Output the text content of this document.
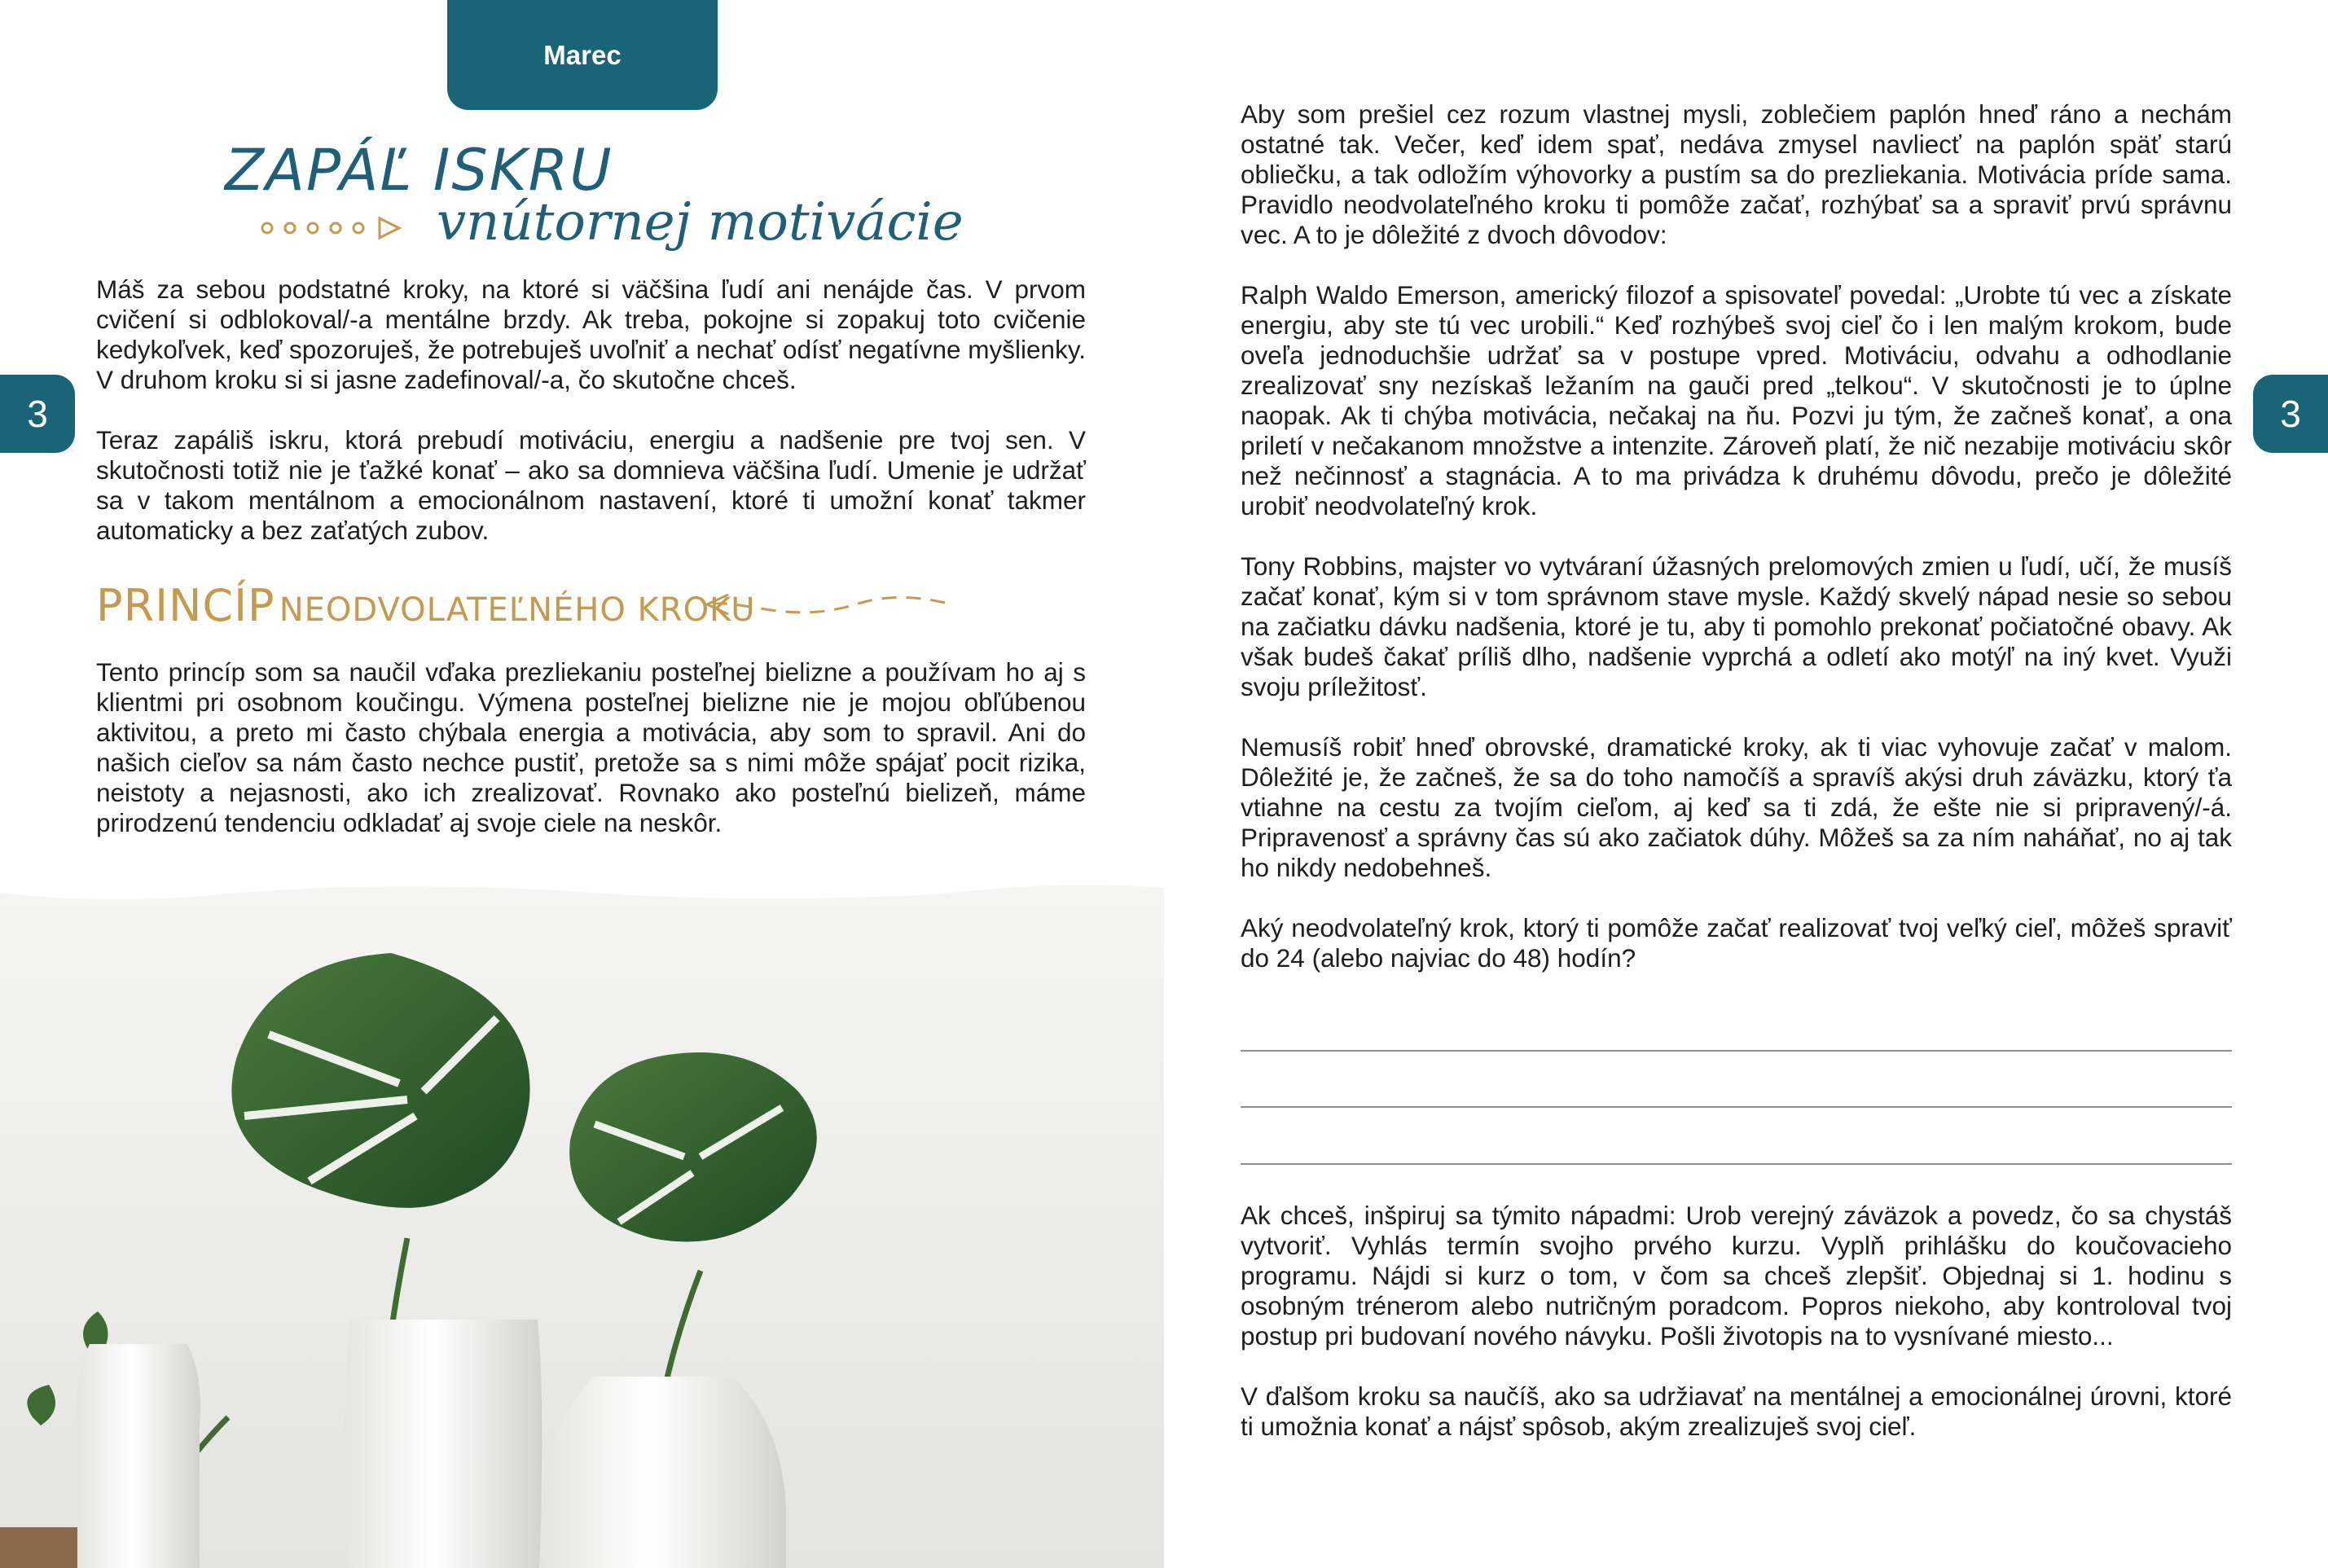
Marec
3
ZAPÁĽ ISKRU
vnútornej motivácie

Máš za sebou podstatné kroky, na ktoré si väčšina ľudí ani nenájde čas. V prvom cvičení si odblokoval/-a mentálne brzdy. Ak treba, pokojne si zopakuj toto cvičenie kedykoľvek, keď spozoruješ, že potrebuješ uvoľniť a nechať odísť negatívne myšlienky. V druhom kroku si si jasne zadefinoval/-a, čo skutočne chceš.

Teraz zapáliš iskru, ktorá prebudí motiváciu, energiu a nadšenie pre tvoj sen. V skutočnosti totiž nie je ťažké konať – ako sa domnieva väčšina ľudí. Umenie je udržať sa v takom mentálnom a emocionálnom nastavení, ktoré ti umožní konať takmer automaticky a bez zaťatých zubov.

PRINCÍP NEODVOLATEĽNÉHO KROKU

Tento princíp som sa naučil vďaka prezliekaniu posteľnej bielizne a používam ho aj s klientmi pri osobnom koučingu. Výmena posteľnej bielizne nie je mojou obľúbenou aktivitou, a preto mi často chýbala energia a motivácia, aby som to spravil. Ani do našich cieľov sa nám často nechce pustiť, pretože sa s nimi môže spájať pocit rizika, neistoty a nejasnosti, ako ich zrealizovať. Rovnako ako posteľnú bielizeň, máme prirodzenú tendenciu odkladať aj svoje ciele na neskôr.

3

Aby som prešiel cez rozum vlastnej mysli, zoblečiem paplón hneď ráno a nechám ostatné tak. Večer, keď idem spať, nedáva zmysel navliecť na paplón späť starú obliečku, a tak odložím výhovorky a pustím sa do prezliekania. Motivácia príde sama. Pravidlo neodvolateľného kroku ti pomôže začať, rozhýbať sa a spraviť prvú správnu vec. A to je dôležité z dvoch dôvodov:

Ralph Waldo Emerson, americký filozof a spisovateľ povedal: „Urobte tú vec a získate energiu, aby ste tú vec urobili.“ Keď rozhýbeš svoj cieľ čo i len malým krokom, bude oveľa jednoduchšie udržať sa v postupe vpred. Motiváciu, odvahu a odhodlanie zrealizovať sny nezískaš ležaním na gauči pred „telkou“. V skutočnosti je to úplne naopak. Ak ti chýba motivácia, nečakaj na ňu. Pozvi ju tým, že začneš konať, a ona priletí v nečakanom množstve a intenzite. Zároveň platí, že nič nezabije motiváciu skôr než nečinnosť a stagnácia. A to ma privádza k druhému dôvodu, prečo je dôležité urobiť neodvolateľný krok.

Tony Robbins, majster vo vytváraní úžasných prelomových zmien u ľudí, učí, že musíš začať konať, kým si v tom správnom stave mysle. Každý skvelý nápad nesie so sebou na začiatku dávku nadšenia, ktoré je tu, aby ti pomohlo prekonať počiatočné obavy. Ak však budeš čakať príliš dlho, nadšenie vyprchá a odletí ako motýľ na iný kvet. Využi svoju príležitosť.

Nemusíš robiť hneď obrovské, dramatické kroky, ak ti viac vyhovuje začať v malom. Dôležité je, že začneš, že sa do toho namočíš a spravíš akýsi druh záväzku, ktorý ťa vtiahne na cestu za tvojím cieľom, aj keď sa ti zdá, že ešte nie si pripravený/-á. Pripravenosť a správny čas sú ako začiatok dúhy. Môžeš sa za ním naháňať, no aj tak ho nikdy nedobehneš.

Aký neodvolateľný krok, ktorý ti pomôže začať realizovať tvoj veľký cieľ, môžeš spraviť do 24 (alebo najviac do 48) hodín?

Ak chceš, inšpiruj sa týmito nápadmi: Urob verejný záväzok a povedz, čo sa chystáš vytvoriť. Vyhlás termín svojho prvého kurzu. Vyplň prihlášku do koučovacieho programu. Nájdi si kurz o tom, v čom sa chceš zlepšiť. Objednaj si 1. hodinu s osobným trénerom alebo nutričným poradcom. Popros niekoho, aby kontroloval tvoj postup pri budovaní nového návyku. Pošli životopis na to vysnívané miesto...

V ďalšom kroku sa naučíš, ako sa udržiavať na mentálnej a emocionálnej úrovni, ktoré ti umožnia konať a nájsť spôsob, akým zrealizuješ svoj cieľ.
